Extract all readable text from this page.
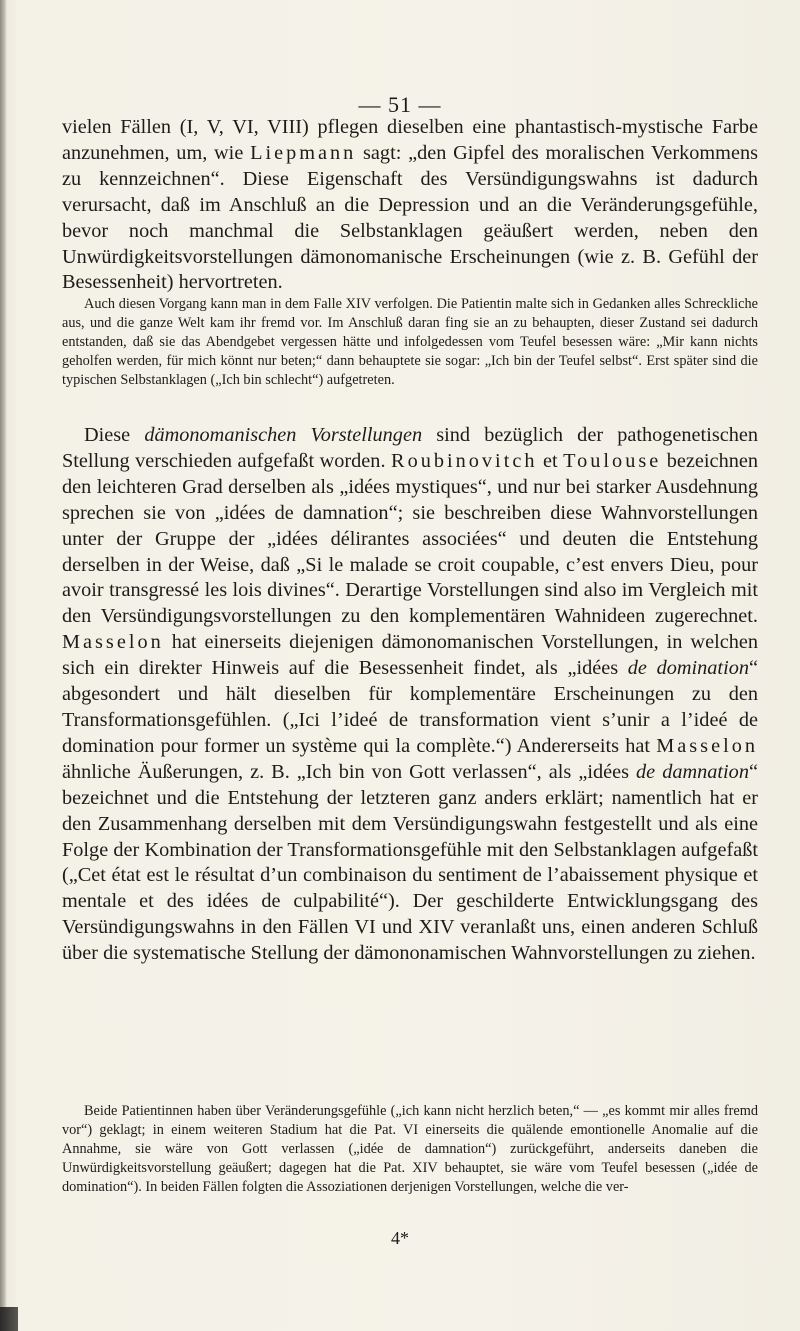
— 51 —

vielen Fällen (I, V, VI, VIII) pflegen dieselben eine phantastisch-mystische Farbe anzunehmen, um, wie Liepmann sagt: „den Gipfel des moralischen Verkommens zu kennzeichnen“. Diese Eigenschaft des Versündigungswahns ist dadurch verursacht, daß im Anschluß an die Depression und an die Veränderungsgefühle, bevor noch manchmal die Selbstanklagen geäußert werden, neben den Unwürdigkeitsvorstellungen dämonomanische Erscheinungen (wie z. B. Gefühl der Besessenheit) hervortreten.

Auch diesen Vorgang kann man in dem Falle XIV verfolgen. Die Patientin malte sich in Gedanken alles Schreckliche aus, und die ganze Welt kam ihr fremd vor. Im Anschluß daran fing sie an zu behaupten, dieser Zustand sei dadurch entstanden, daß sie das Abendgebet vergessen hätte und infolgedessen vom Teufel besessen wäre: „Mir kann nichts geholfen werden, für mich könnt nur beten;“ dann behauptete sie sogar: „Ich bin der Teufel selbst“. Erst später sind die typischen Selbstanklagen („Ich bin schlecht“) aufgetreten.

Diese dämonomanischen Vorstellungen sind bezüglich der pathogenetischen Stellung verschieden aufgefaßt worden. Roubinovitch et Toulouse bezeichnen den leichteren Grad derselben als „idées mystiques“, und nur bei starker Ausdehnung sprechen sie von „idées de damnation“; sie beschreiben diese Wahnvorstellungen unter der Gruppe der „idées délirantes associées“ und deuten die Entstehung derselben in der Weise, daß „Si le malade se croit coupable, c’est envers Dieu, pour avoir transgressé les lois divines“. Derartige Vorstellungen sind also im Vergleich mit den Versündigungsvorstellungen zu den komplementären Wahnideen zugerechnet. Masselon hat einerseits diejenigen dämonomanischen Vorstellungen, in welchen sich ein direkter Hinweis auf die Besessenheit findet, als „idées de domination“ abgesondert und hält dieselben für komplementäre Erscheinungen zu den Transformationsgefühlen. („Ici l’ideé de transformation vient s’unir a l’ideé de domination pour former un système qui la complète.“) Andererseits hat Masselon ähnliche Äußerungen, z. B. „Ich bin von Gott verlassen“, als „idées de damnation“ bezeichnet und die Entstehung der letzteren ganz anders erklärt; namentlich hat er den Zusammenhang derselben mit dem Versündigungswahn festgestellt und als eine Folge der Kombination der Transformationsgefühle mit den Selbstanklagen aufgefaßt („Cet état est le résultat d’un combinaison du sentiment de l’abaissement physique et mentale et des idées de culpabilité“). Der geschilderte Entwicklungsgang des Versündigungswahns in den Fällen VI und XIV veranlaßt uns, einen anderen Schluß über die systematische Stellung der dämononamischen Wahnvorstellungen zu ziehen.

Beide Patientinnen haben über Veränderungsgefühle („ich kann nicht herzlich beten,“ — „es kommt mir alles fremd vor“) geklagt; in einem weiteren Stadium hat die Pat. VI einerseits die quälende emontionelle Anomalie auf die Annahme, sie wäre von Gott verlassen („idée de damnation“) zurückgeführt, anderseits daneben die Unwürdigkeitsvorstellung geäußert; dagegen hat die Pat. XIV behauptet, sie wäre vom Teufel besessen („idée de domination“). In beiden Fällen folgten die Assoziationen derjenigen Vorstellungen, welche die ver-

4*
